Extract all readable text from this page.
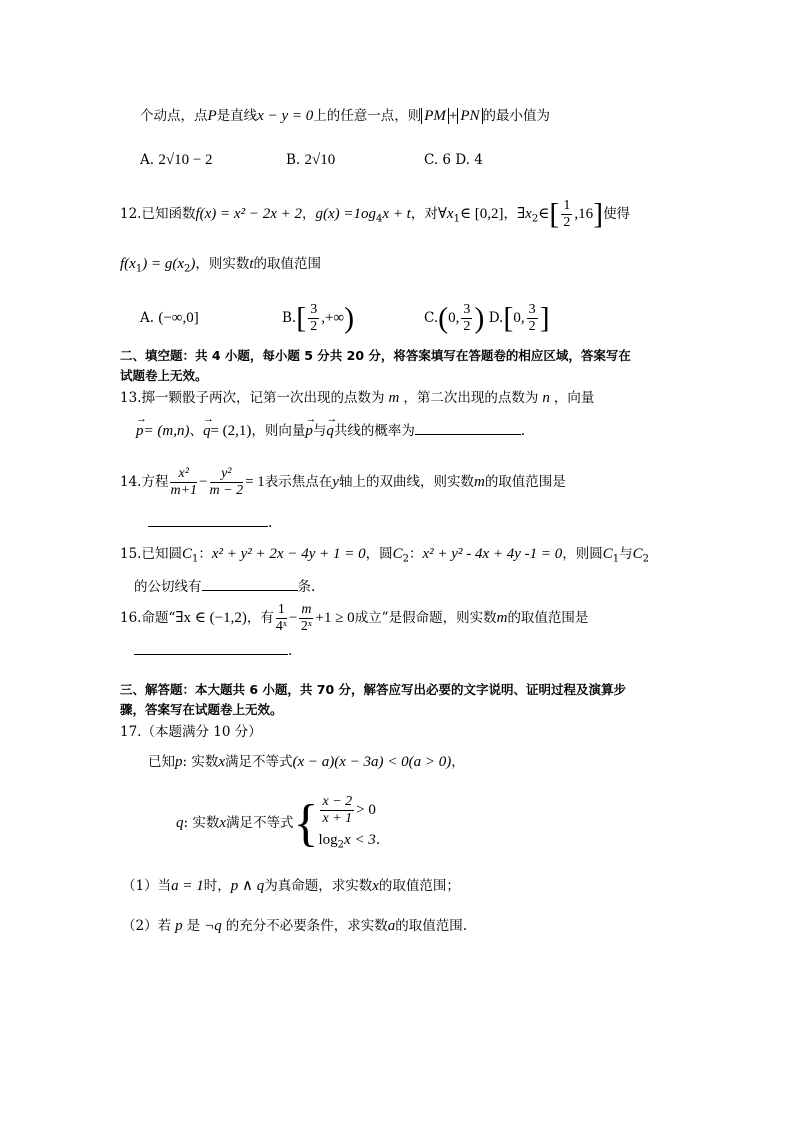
个动点，点P是直线x − y = 0上的任意一点，则 PM + PN 的最小值为
A. 2√10 − 2	B. 2√10	C. 6 D. 4
12.已知函数f(x) = x² − 2x + 2，$g(x) =1og_4x + t$，对$\forall x_1\in$ [0,2]，$\exists x_2\in[ \frac{1}{2} ,16]$使得
$f(x_1) = g(x_2)$，则实数t的取值范围
A. (−∞,0]	$B.[ \frac{3}{2}$ ,+∞)	C.(0, $\frac{3}{2}$ ) D.[0, $\frac{3}{2}$ ]
二、填空题：共 4 小题，每小题 5 分共 20 分，将答案填写在答题卷的相应区域，答案写在
试题卷上无效。
13.掷一颗骰子两次，记第一次出现的点数为 m ，第二次出现的点数为 n ，向量
p →= (m,n)、q →= (2,1)，则向量p →与q →共线的概率为	.
14.方程 $\frac{\text{x²}}{m+1} - \frac{\text{y²}}{m - 2} = 1$表示焦点在y轴上的双曲线，则实数m的取值范围是
.
15.已知圆$C_1$：x² + y² + 2x − 4y + 1 = 0，圆$C_2$：x² + y² - 4x + 4y -1 = 0，则圆$C_1$与$C_2$
的公切线有	条.
16.命题“∃x ∈ (−1,2)，有 $\frac{1}{\text{4ˣ}} - \frac{m}{\text{2ˣ}} +1 \ge 0$成立”是假命题，则实数m的取值范围是
.
三、解答题：本大题共 6 小题，共 70 分，解答应写出必要的文字说明、证明过程及演算步
骤，答案写在试题卷上无效。
17.（本题满分 10 分）
已知p: 实数x满足不等式(x − a)(x − 3a) < 0(a > 0)，
q: 实数x满足不等式{ $\frac{x - 2}{x + 1} > 0$
$\log_2x < 3$.
（1）当a = 1时，p ∧ q为真命题，求实数x的取值范围；
（2）若 p 是 ¬q 的充分不必要条件，求实数a的取值范围.
